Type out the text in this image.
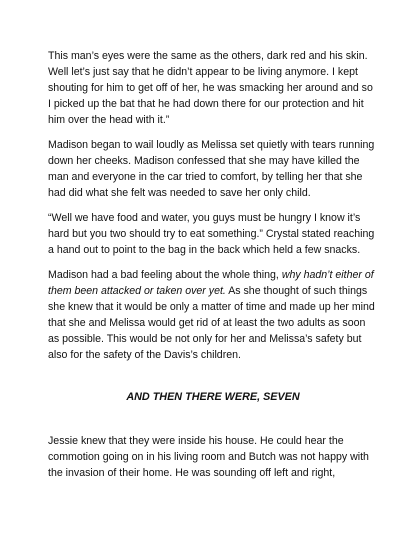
This man’s eyes were the same as the others, dark red and his skin. Well let’s just say that he didn’t appear to be living anymore. I kept shouting for him to get off of her, he was smacking her around and so I picked up the bat that he had down there for our protection and hit him over the head with it.”

Madison began to wail loudly as Melissa set quietly with tears running down her cheeks. Madison confessed that she may have killed the man and everyone in the car tried to comfort, by telling her that she had did what she felt was needed to save her only child.

“Well we have food and water, you guys must be hungry I know it’s hard but you two should try to eat something.” Crystal stated reaching a hand out to point to the bag in the back which held a few snacks.

Madison had a bad feeling about the whole thing, why hadn’t either of them been attacked or taken over yet. As she thought of such things she knew that it would be only a matter of time and made up her mind that she and Melissa would get rid of at least the two adults as soon as possible. This would be not only for her and Melissa’s safety but also for the safety of the Davis’s children.

AND THEN THERE WERE, SEVEN

Jessie knew that they were inside his house. He could hear the commotion going on in his living room and Butch was not happy with the invasion of their home. He was sounding off left and right,
